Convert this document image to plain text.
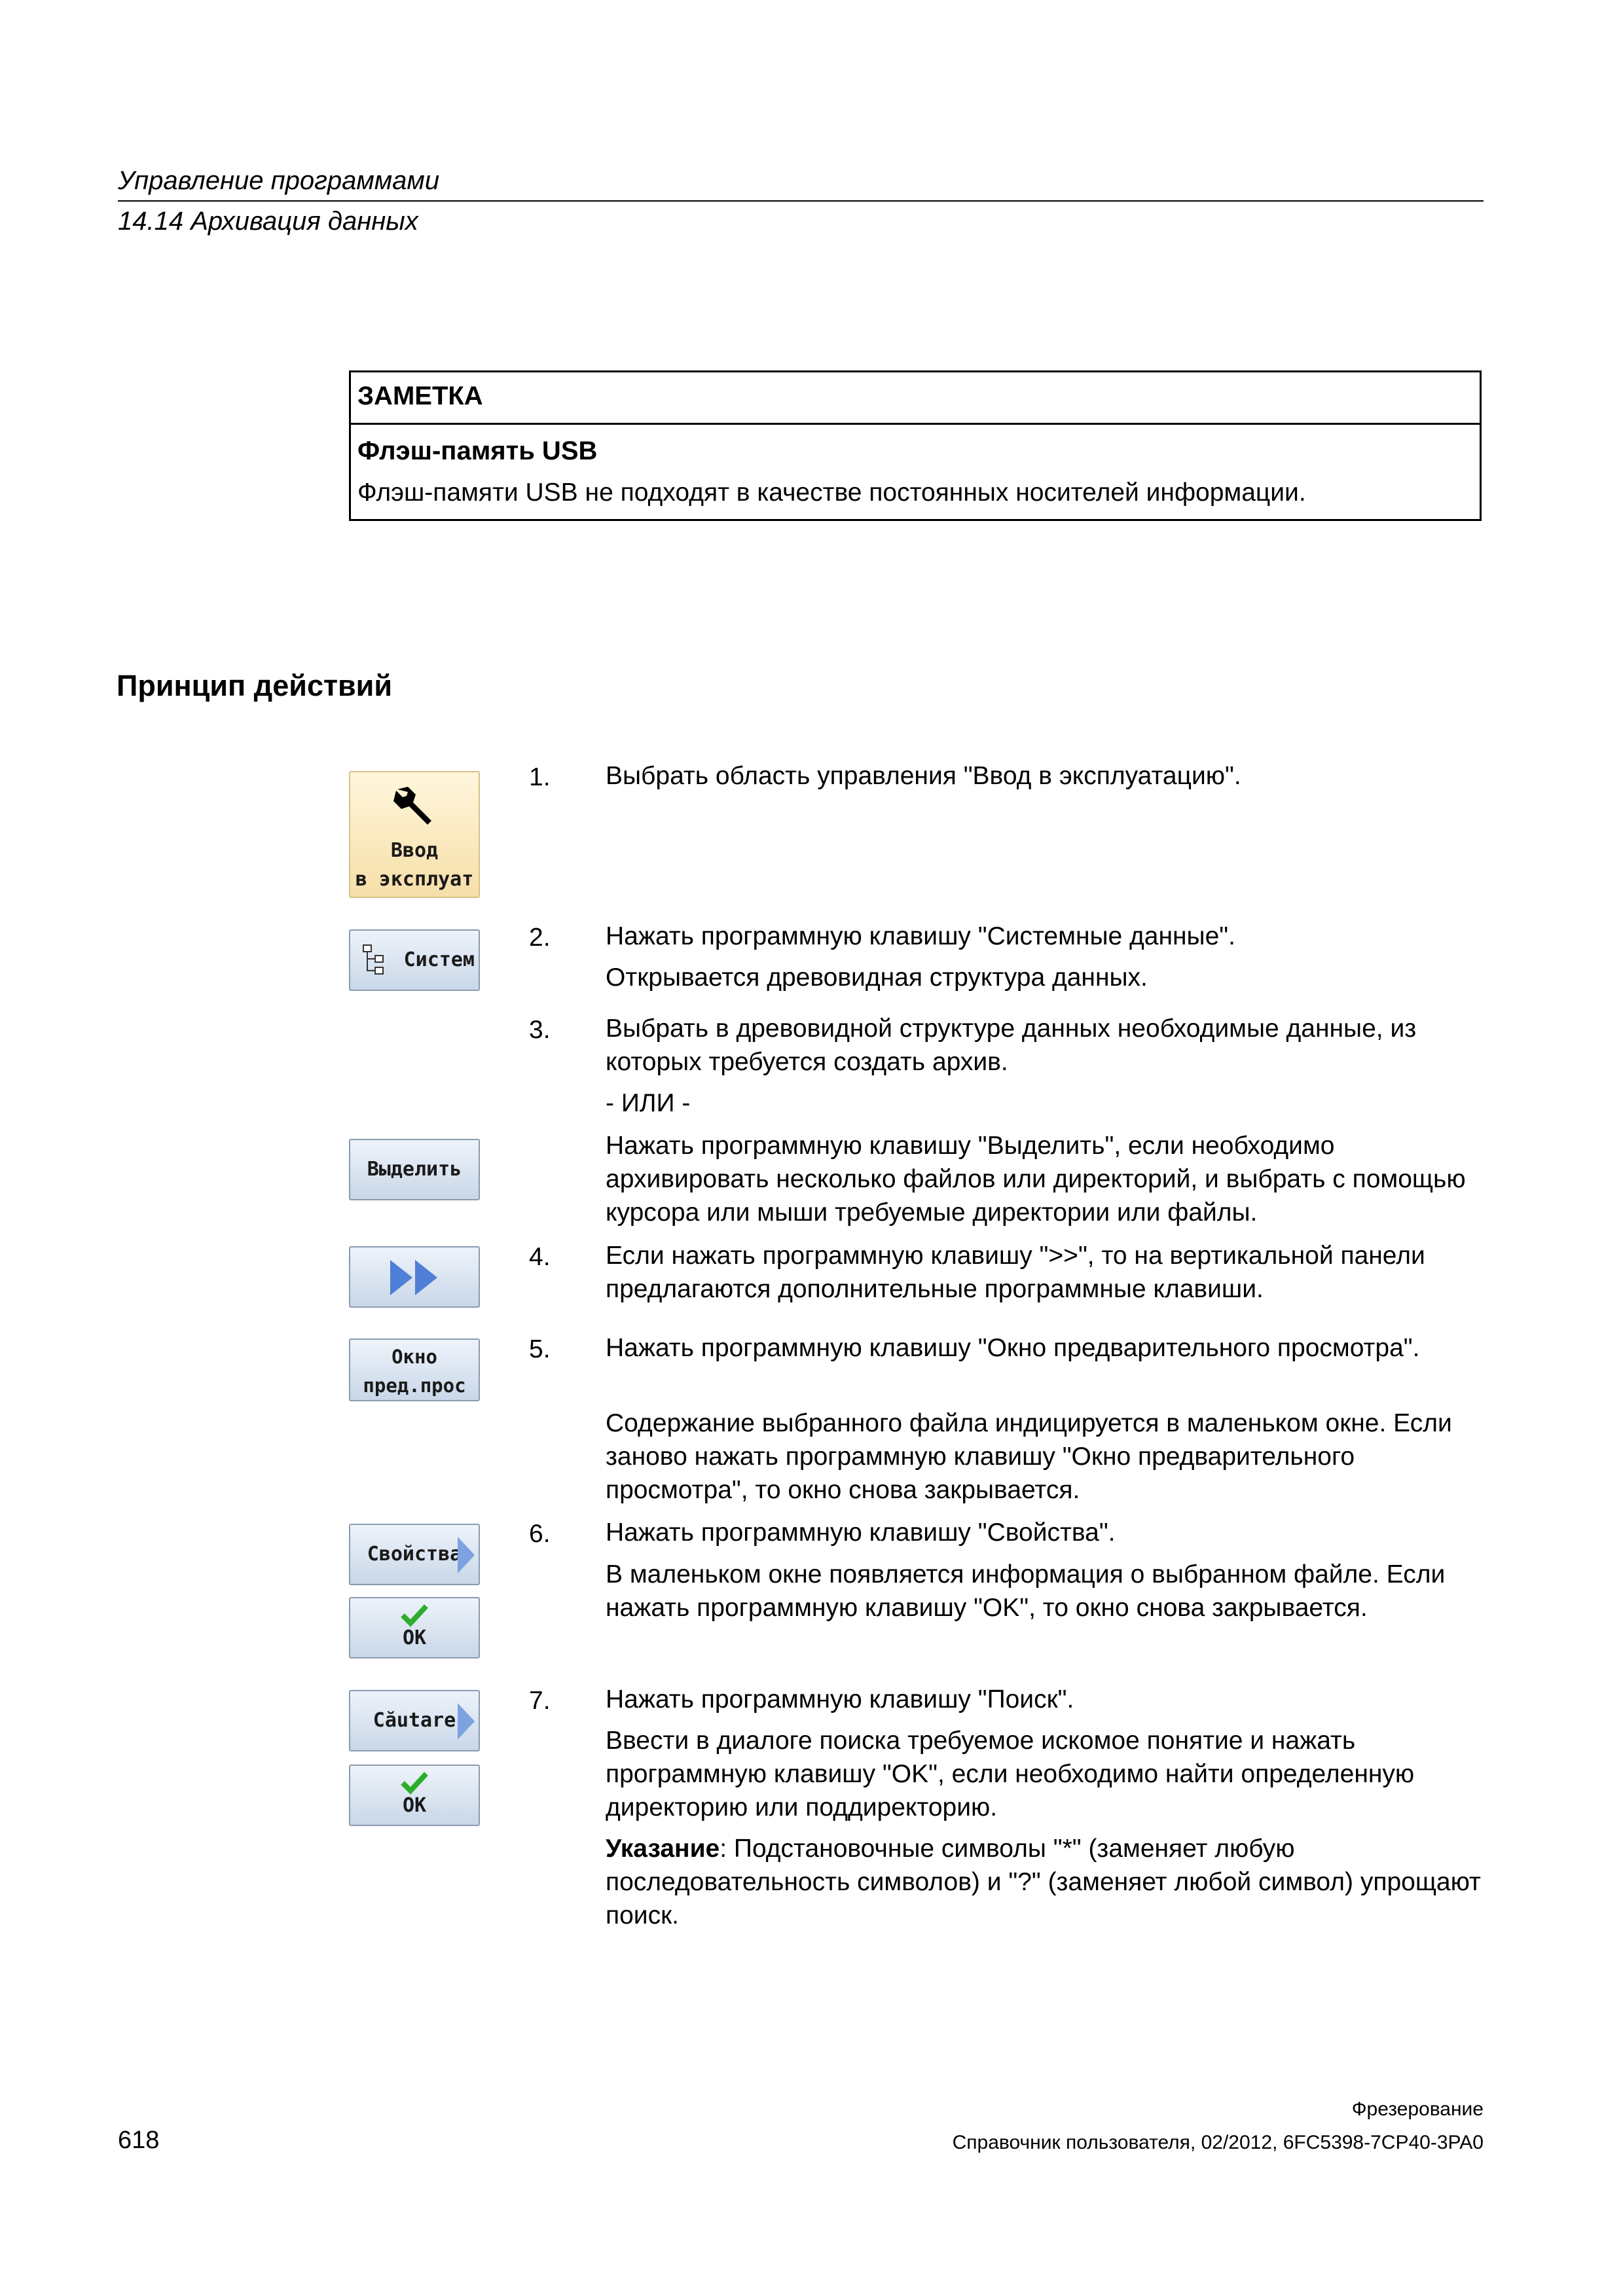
Управление программами
14.14 Архивация данных
ЗАМЕТКА
Флэш-память USB
Флэш-памяти USB не подходят в качестве постоянных носителей информации.
Принцип действий
Ввод
в эксплуат
Систем
Выделить
Окно
пред.прос
Свойства
OK
Căutare
OK
1.
2.
3.
4.
5.
6.
7.
Выбрать область управления "Ввод в эксплуатацию".
Нажать программную клавишу "Системные данные".
Открывается древовидная структура данных.
Выбрать в древовидной структуре данных необходимые данные, из которых требуется создать архив.
- ИЛИ -
Нажать программную клавишу "Выделить", если необходимо архивировать несколько файлов или директорий, и выбрать с помощью курсора или мыши требуемые директории или файлы.
Если нажать программную клавишу ">>", то на вертикальной панели предлагаются дополнительные программные клавиши.
Нажать программную клавишу "Окно предварительного просмотра".
Содержание выбранного файла индицируется в маленьком окне. Если заново нажать программную клавишу "Окно предварительного просмотра", то окно снова закрывается.
Нажать программную клавишу "Свойства".
В маленьком окне появляется информация о выбранном файле. Если нажать программную клавишу "OK", то окно снова закрывается.
Нажать программную клавишу "Поиск".
Ввести в диалоге поиска требуемое искомое понятие и нажать программную клавишу "OK", если необходимо найти определенную директорию или поддиректорию.
Указание: Подстановочные символы "*" (заменяет любую последовательность символов) и "?" (заменяет любой символ) упрощают поиск.
Фрезерование
618	Справочник пользователя, 02/2012, 6FC5398-7CP40-3PA0
